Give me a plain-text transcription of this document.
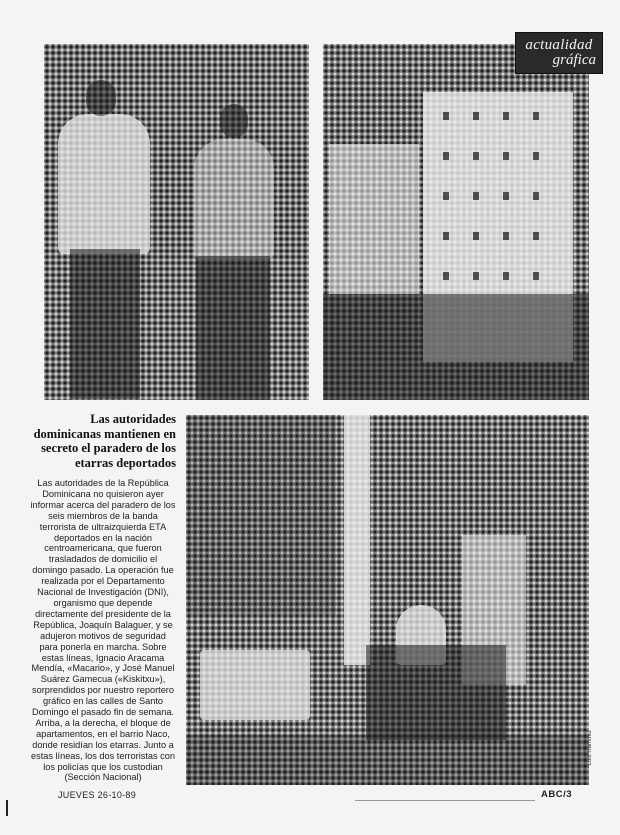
actualidad
gráfica
Luis Ramírez
Las autoridades dominicanas mantienen en secreto el paradero de los etarras deportados

Las autoridades de la República Dominicana no quisieron ayer informar acerca del paradero de los seis miembros de la banda terrorista de ultraizquierda ETA deportados en la nación centroamericana, que fueron trasladados de domicilio el domingo pasado. La operación fue realizada por el Departamento Nacional de Investigación (DNI), organismo que depende directamente del presidente de la República, Joaquín Balaguer, y se adujeron motivos de seguridad para ponerla en marcha. Sobre estas líneas, Ignacio Aracama Mendía, «Macario», y José Manuel Suárez Gamecua («Kiskitxu»), sorprendidos por nuestro reportero gráfico en las calles de Santo Domingo el pasado fin de semana. Arriba, a la derecha, el bloque de apartamentos, en el barrio Naco, donde residían los etarras. Junto a estas líneas, los dos terroristas con los policías que los custodian (Sección Nacional)

JUEVES 26-10-89	ABC/3
